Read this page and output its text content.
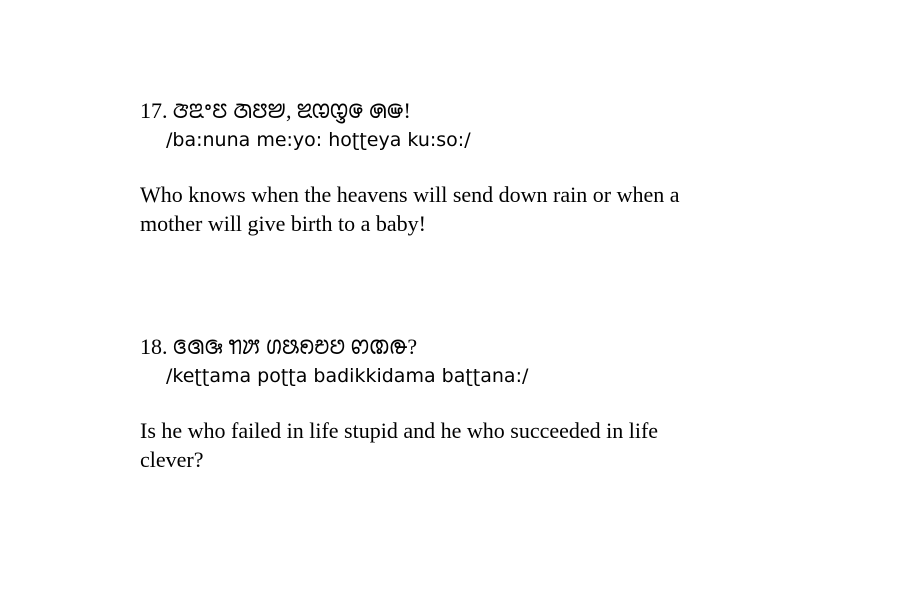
17. ꢆꢃꢀꢄ ꢇꢅꢈ, ꢉꢊꢋꢌ ꢍꢎ!
/ba:nuna me:yo: hoʈʈeya ku:so:/
Who knows when the heavens will send down rain or when a mother will give birth to a baby!
18. ꢏꢐꢑ ꢒꢓ ꢔꢕꢖꢗꢘ ꢙꢚꢛ?
/keʈʈama poʈʈa badikkidama baʈʈana:/
Is he who failed in life stupid and he who succeeded in life clever?
